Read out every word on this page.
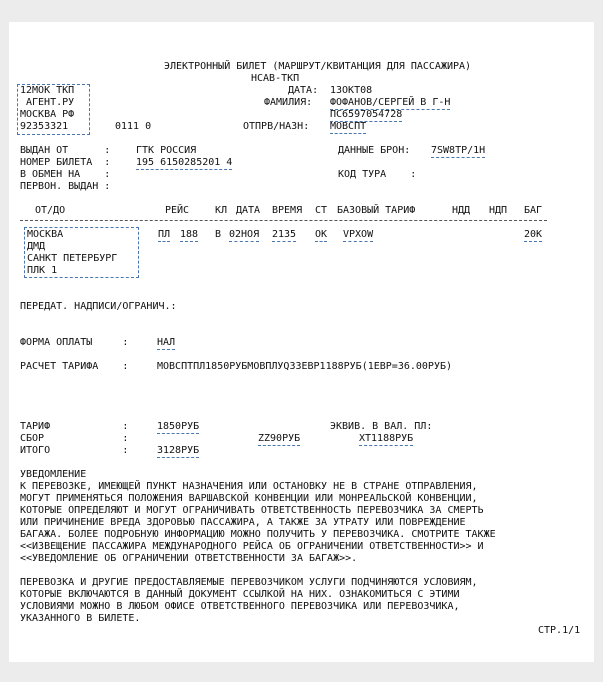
ЭЛЕКТРОННЫЙ БИЛЕТ (МАРШРУТ/КВИТАНЦИЯ ДЛЯ ПАССАЖИРА)
НСАВ-ТКП
12МОК ТКП
АГЕНТ.РУ
МОСКВА РФ
92353321	0111 0
ДАТА: 13ОКТ08
ФАМИЛИЯ: ФОФАНОВ/СЕРГЕЙ В Г-Н
ПС6597054728
ОТПРВ/НАЗН: МОВСПТ
ВЫДАН ОТ      :	ГТК РОССИЯ
НОМЕР БИЛЕТА  :	195 6150285201 4
В ОБМЕН НА    :
ПЕРВОН. ВЫДАН :
ДАННЫЕ БРОН: 7SW8TP/1H
КОД ТУРА    :
ОТ/ДО	РЕЙС	КЛ ДАТА ВРЕМЯ СТ БАЗОВЫЙ ТАРИФ	НДД НДП БАГ
МОСКВА
ДМД
САНКТ ПЕТЕРБУРГ
ПЛК 1
ПЛ 188 В 02НОЯ 2135 ОК VPXOW	20К
ПЕРЕДАТ. НАДПИСИ/ОГРАНИЧ.:
ФОРМА ОПЛАТЫ     :	НАЛ
РАСЧЕТ ТАРИФА    :	МОВСПТПЛ1850РУБМОВПЛУQ33ЕВР1188РУБ(1ЕВР=36.00РУБ)
ТАРИФ            :	1850РУБ	ЭКВИВ. В ВАЛ. ПЛ:
СБОР             :	ZZ90РУБ	XT1188РУБ
ИТОГО            :	3128РУБ
УВЕДОМЛЕНИЕ
К ПЕРЕВОЗКЕ, ИМЕЮЩЕЙ ПУНКТ НАЗНАЧЕНИЯ ИЛИ ОСТАНОВКУ НЕ В СТРАНЕ ОТПРАВЛЕНИЯ,
МОГУТ ПРИМЕНЯТЬСЯ ПОЛОЖЕНИЯ ВАРШАВСКОЙ КОНВЕНЦИИ ИЛИ МОНРЕАЛЬСКОЙ КОНВЕНЦИИ,
КОТОРЫЕ ОПРЕДЕЛЯЮТ И МОГУТ ОГРАНИЧИВАТЬ ОТВЕТСТВЕННОСТЬ ПЕРЕВОЗЧИКА ЗА СМЕРТЬ
ИЛИ ПРИЧИНЕНИЕ ВРЕДА ЗДОРОВЬЮ ПАССАЖИРА, А ТАКЖЕ ЗА УТРАТУ ИЛИ ПОВРЕЖДЕНИЕ
БАГАЖА. БОЛЕЕ ПОДРОБНУЮ ИНФОРМАЦИЮ МОЖНО ПОЛУЧИТЬ У ПЕРЕВОЗЧИКА. СМОТРИТЕ ТАКЖЕ
<<ИЗВЕЩЕНИЕ ПАССАЖИРА МЕЖДУНАРОДНОГО РЕЙСА ОБ ОГРАНИЧЕНИИ ОТВЕТСТВЕННОСТИ>> И
<<УВЕДОМЛЕНИЕ ОБ ОГРАНИЧЕНИИ ОТВЕТСТВЕННОСТИ ЗА БАГАЖ>>.
ПЕРЕВОЗКА И ДРУГИЕ ПРЕДОСТАВЛЯЕМЫЕ ПЕРЕВОЗЧИКОМ УСЛУГИ ПОДЧИНЯЮТСЯ УСЛОВИЯМ,
КОТОРЫЕ ВКЛЮЧАЮТСЯ В ДАННЫЙ ДОКУМЕНТ ССЫЛКОЙ НА НИХ. ОЗНАКОМИТЬСЯ С ЭТИМИ
УСЛОВИЯМИ МОЖНО В ЛЮБОМ ОФИСЕ ОТВЕТСТВЕННОГО ПЕРЕВОЗЧИКА ИЛИ ПЕРЕВОЗЧИКА,
УКАЗАННОГО В БИЛЕТЕ.
СТР.1/1
